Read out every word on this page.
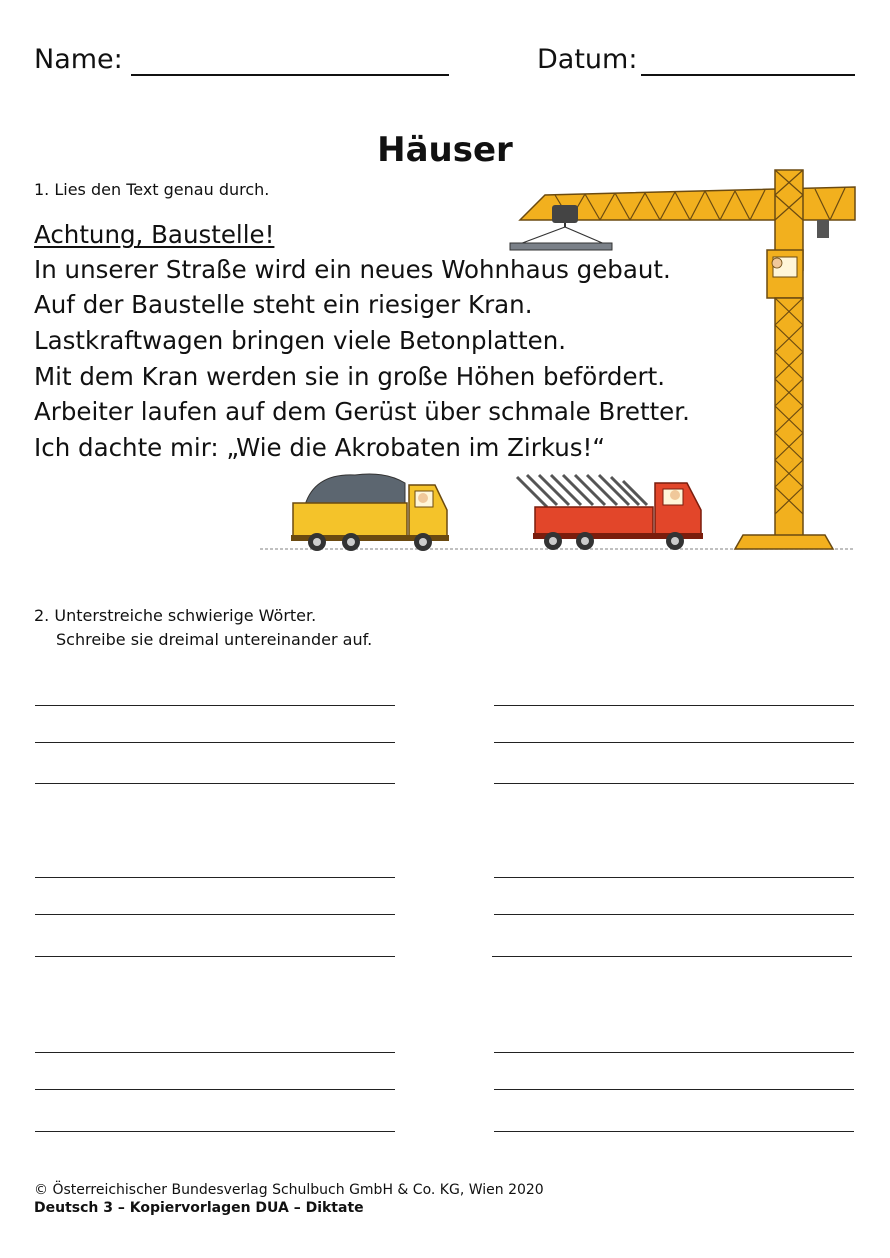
Name:	Datum:
Häuser
1. Lies den Text genau durch.
Achtung, Baustelle!
In unserer Straße wird ein neues Wohnhaus gebaut.
Auf der Baustelle steht ein riesiger Kran.
Lastkraftwagen bringen viele Betonplatten.
Mit dem Kran werden sie in große Höhen befördert.
Arbeiter laufen auf dem Gerüst über schmale Bretter.
Ich dachte mir: „Wie die Akrobaten im Zirkus!“
2. Unterstreiche schwierige Wörter.
Schreibe sie dreimal untereinander auf.
© Österreichischer Bundesverlag Schulbuch GmbH & Co. KG, Wien 2020
Deutsch 3 – Kopiervorlagen DUA – Diktate
